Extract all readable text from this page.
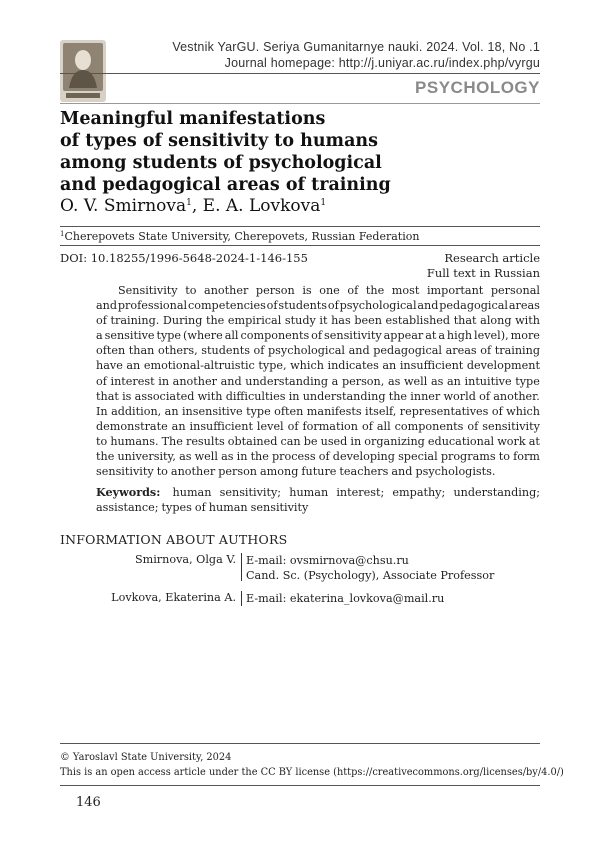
Vestnik YarGU. Seriya Gumanitarnye nauki. 2024. Vol. 18, No .1
Journal homepage: http://j.uniyar.ac.ru/index.php/vyrgu
PSYCHOLOGY
Meaningful manifestations
of types of sensitivity to humans
among students of psychological
and pedagogical areas of training
O. V. Smirnova$^1$, E. A. Lovkova$^1$
$^1$Cherepovets State University, Cherepovets, Russian Federation
DOI: 10.18255/1996-5648-2024-1-146-155	Research article
Full text in Russian
Sensitivity to another person is one of the most important personal
and professional competencies of students of psychological and pedagogical areas
of training. During the empirical study it has been established that along with
a sensitive type (where all components of sensitivity appear at a high level), more
often than others, students of psychological and pedagogical areas of training
have an emotional-altruistic type, which indicates an insufficient development
of interest in another and understanding a person, as well as an intuitive type
that is associated with difficulties in understanding the inner world of another.
In addition, an insensitive type often manifests itself, representatives of which
demonstrate an insufficient level of formation of all components of sensitivity
to humans. The results obtained can be used in organizing educational work at
the university, as well as in the process of developing special programs to form
sensitivity to another person among future teachers and psychologists.
Keywords: human sensitivity; human interest; empathy; understanding;
assistance; types of human sensitivity
INFORMATION ABOUT AUTHORS
Smirnova, Olga V. E-mail: ovsmirnova@chsu.ru
Cand. Sc. (Psychology), Associate Professor
Lovkova, Ekaterina A. E-mail: ekaterina_lovkova@mail.ru
© Yaroslavl State University, 2024
This is an open access article under the CC BY license (https://creativecommons.org/licenses/by/4.0/)
146
